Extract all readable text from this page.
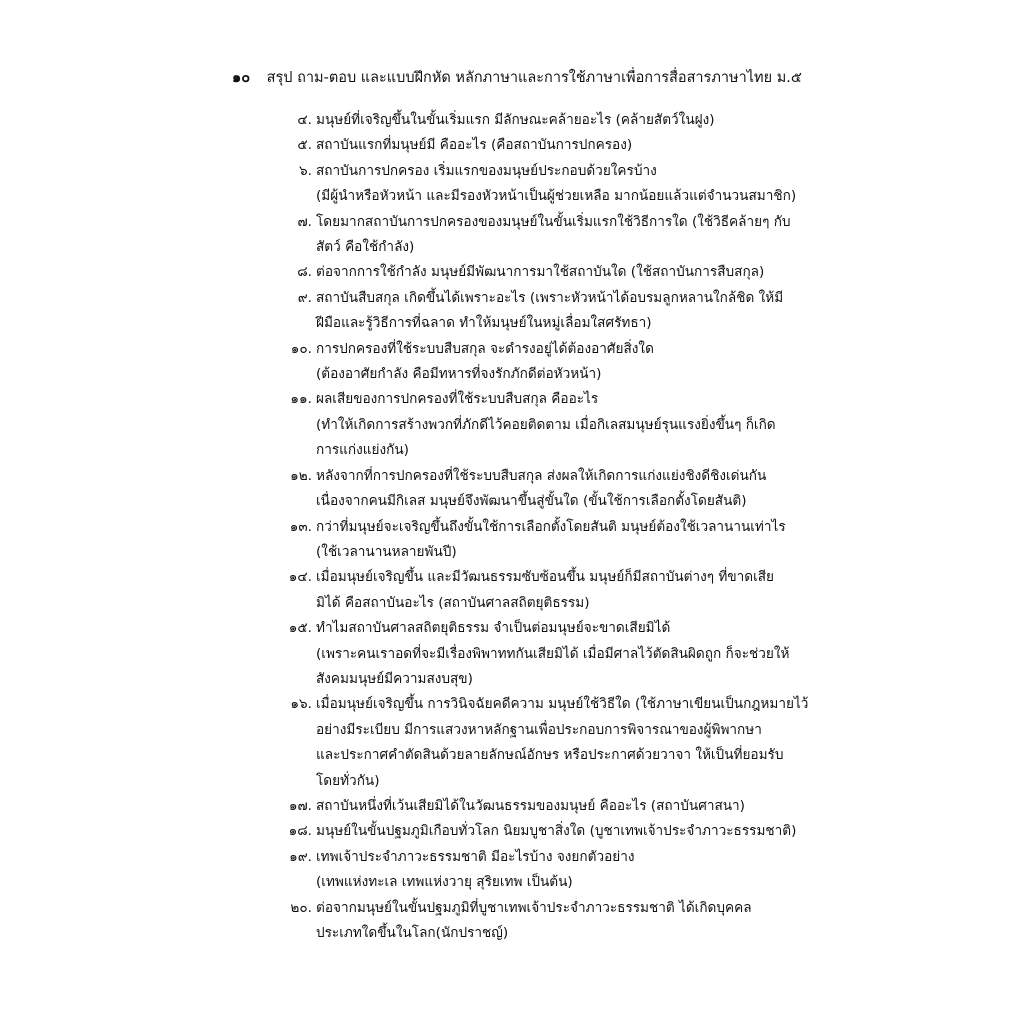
๑๐ สรุป ถาม-ตอบ และแบบฝึกหัด หลักภาษาและการใช้ภาษาเพื่อการสื่อสารภาษาไทย ม.๕
๔. มนุษย์ที่เจริญขึ้นในขั้นเริ่มแรก มีลักษณะคล้ายอะไร (คล้ายสัตว์ในฝูง)
๕. สถาบันแรกที่มนุษย์มี คืออะไร (คือสถาบันการปกครอง)
๖. สถาบันการปกครอง เริ่มแรกของมนุษย์ประกอบด้วยใครบ้าง
(มีผู้นำหรือหัวหน้า และมีรองหัวหน้าเป็นผู้ช่วยเหลือ มากน้อยแล้วแต่จำนวนสมาชิก)
๗. โดยมากสถาบันการปกครองของมนุษย์ในขั้นเริ่มแรกใช้วิธีการใด (ใช้วิธีคล้ายๆ กับ
สัตว์ คือใช้กำลัง)
๘. ต่อจากการใช้กำลัง มนุษย์มีพัฒนาการมาใช้สถาบันใด (ใช้สถาบันการสืบสกุล)
๙. สถาบันสืบสกุล เกิดขึ้นได้เพราะอะไร (เพราะหัวหน้าได้อบรมลูกหลานใกล้ชิด ให้มี
ฝีมือและรู้วิธีการที่ฉลาด ทำให้มนุษย์ในหมู่เลื่อมใสศรัทธา)
๑๐. การปกครองที่ใช้ระบบสืบสกุล จะดำรงอยู่ได้ต้องอาศัยสิ่งใด
(ต้องอาศัยกำลัง คือมีทหารที่จงรักภักดีต่อหัวหน้า)
๑๑. ผลเสียของการปกครองที่ใช้ระบบสืบสกุล คืออะไร
(ทำให้เกิดการสร้างพวกที่ภักดีไว้คอยติดตาม เมื่อกิเลสมนุษย์รุนแรงยิ่งขึ้นๆ ก็เกิด
การแก่งแย่งกัน)
๑๒. หลังจากที่การปกครองที่ใช้ระบบสืบสกุล ส่งผลให้เกิดการแก่งแย่งชิงดีชิงเด่นกัน
เนื่องจากคนมีกิเลส มนุษย์จึงพัฒนาขึ้นสู่ขั้นใด (ขั้นใช้การเลือกตั้งโดยสันติ)
๑๓. กว่าที่มนุษย์จะเจริญขึ้นถึงขั้นใช้การเลือกตั้งโดยสันติ มนุษย์ต้องใช้เวลานานเท่าไร
(ใช้เวลานานหลายพันปี)
๑๔. เมื่อมนุษย์เจริญขึ้น และมีวัฒนธรรมซับซ้อนขึ้น มนุษย์ก็มีสถาบันต่างๆ ที่ขาดเสีย
มิได้ คือสถาบันอะไร (สถาบันศาลสถิตยุติธรรม)
๑๕. ทำไมสถาบันศาลสถิตยุติธรรม จำเป็นต่อมนุษย์จะขาดเสียมิได้
(เพราะคนเราอดที่จะมีเรื่องพิพาททกันเสียมิได้ เมื่อมีศาลไว้ตัดสินผิดถูก ก็จะช่วยให้
สังคมมนุษย์มีความสงบสุข)
๑๖. เมื่อมนุษย์เจริญขึ้น การวินิจฉัยคดีความ มนุษย์ใช้วิธีใด (ใช้ภาษาเขียนเป็นกฎหมายไว้
อย่างมีระเบียบ มีการแสวงหาหลักฐานเพื่อประกอบการพิจารณาของผู้พิพากษา
และประกาศคำตัดสินด้วยลายลักษณ์อักษร หรือประกาศด้วยวาจา ให้เป็นที่ยอมรับ
โดยทั่วกัน)
๑๗. สถาบันหนึ่งที่เว้นเสียมิได้ในวัฒนธรรมของมนุษย์ คืออะไร (สถาบันศาสนา)
๑๘. มนุษย์ในขั้นปฐมภูมิเกือบทั่วโลก นิยมบูชาสิ่งใด (บูชาเทพเจ้าประจำภาวะธรรมชาติ)
๑๙. เทพเจ้าประจำภาวะธรรมชาติ มีอะไรบ้าง จงยกตัวอย่าง
(เทพแห่งทะเล เทพแห่งวายุ สุริยเทพ เป็นต้น)
๒๐. ต่อจากมนุษย์ในขั้นปฐมภูมิที่บูชาเทพเจ้าประจำภาวะธรรมชาติ ได้เกิดบุคคล
ประเภทใดขึ้นในโลก(นักปราชญ์)
